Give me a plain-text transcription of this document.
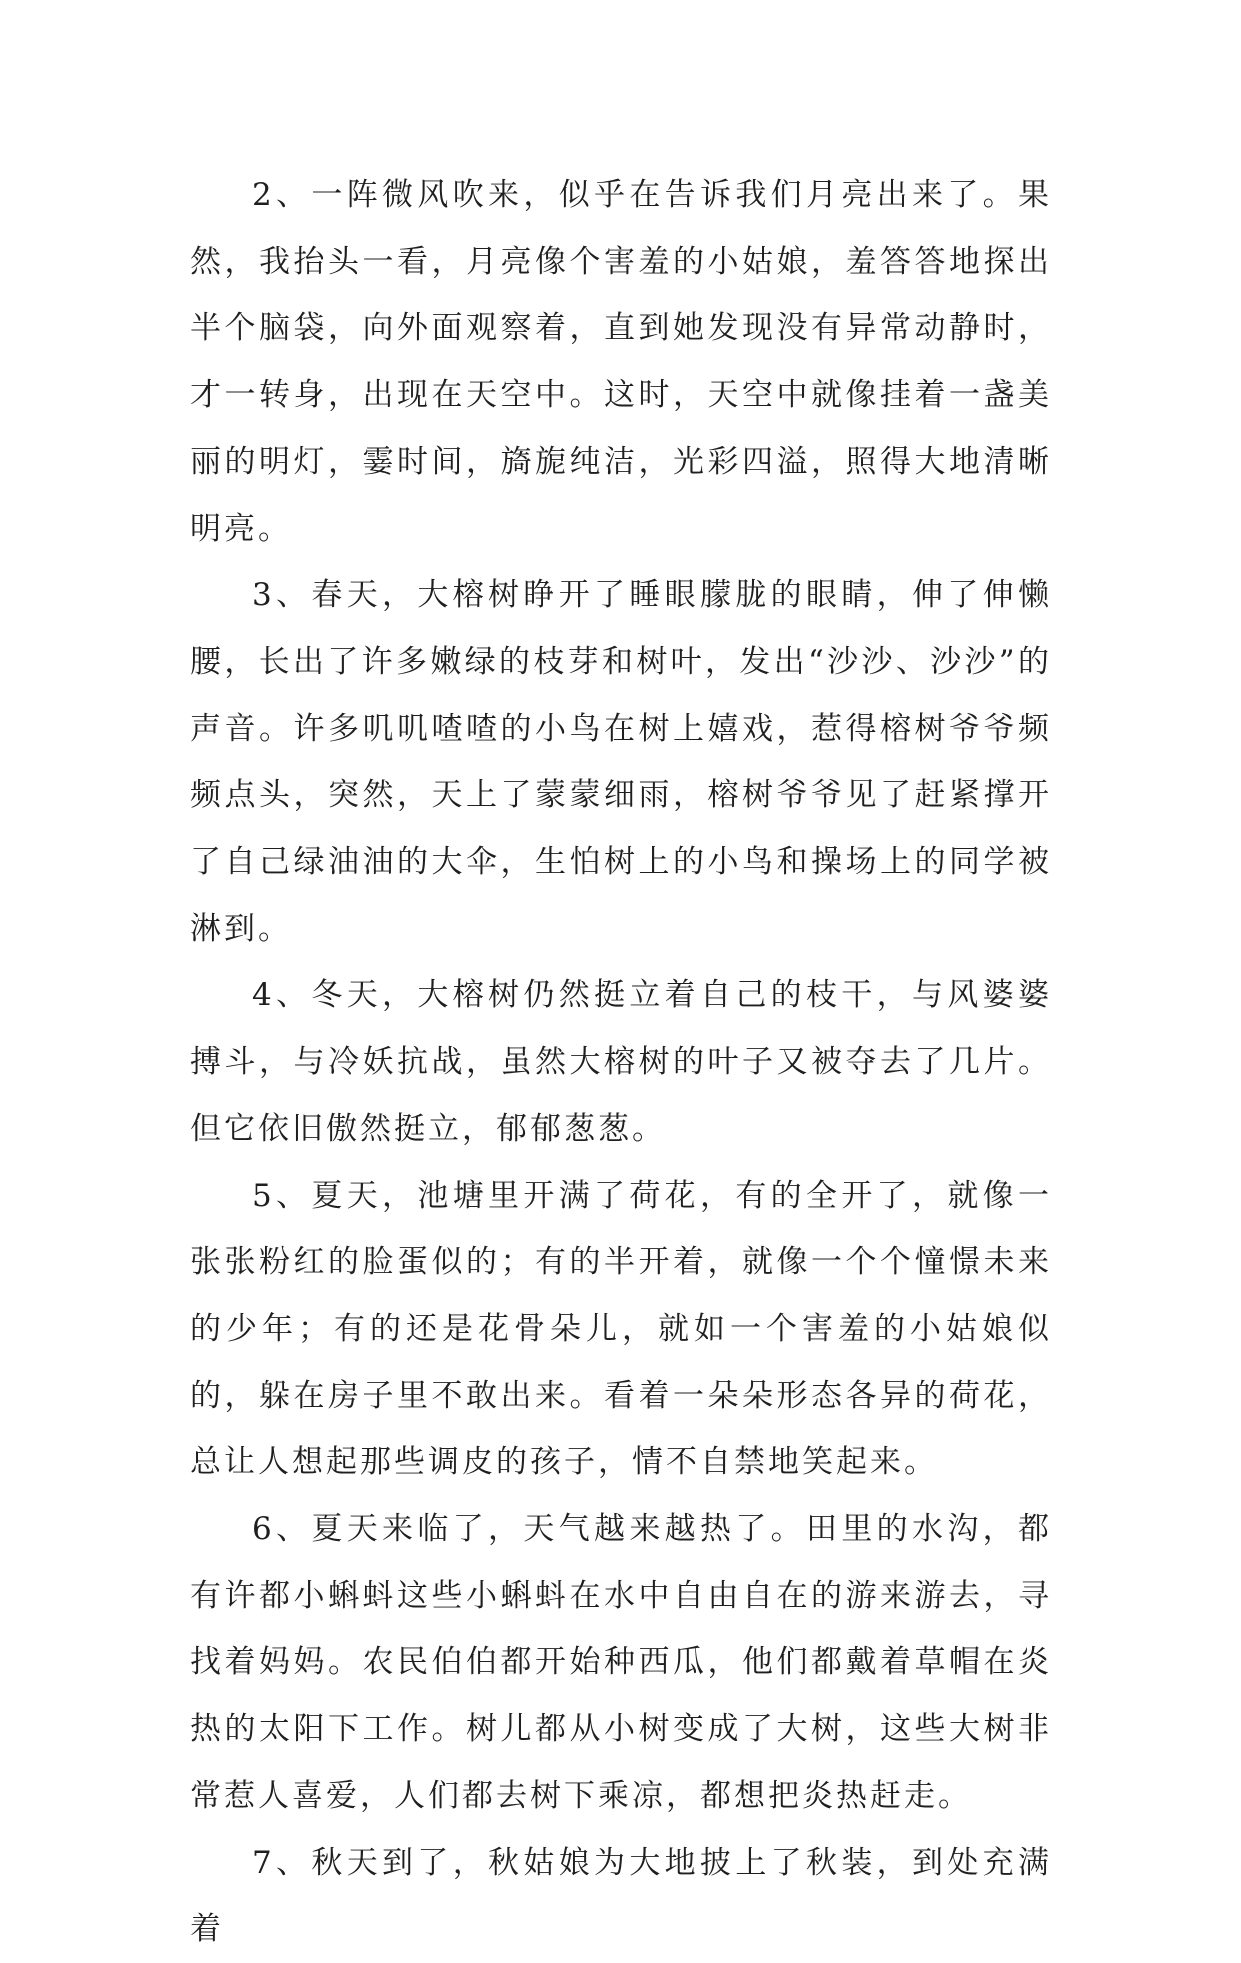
2、一阵微风吹来，似乎在告诉我们月亮出来了。果然，我抬头一看，月亮像个害羞的小姑娘，羞答答地探出半个脑袋，向外面观察着，直到她发现没有异常动静时，才一转身，出现在天空中。这时，天空中就像挂着一盏美丽的明灯，霎时间，旖旎纯洁，光彩四溢，照得大地清晰明亮。

3、春天，大榕树睁开了睡眼朦胧的眼睛，伸了伸懒腰，长出了许多嫩绿的枝芽和树叶，发出“沙沙、沙沙”的声音。许多叽叽喳喳的小鸟在树上嬉戏，惹得榕树爷爷频频点头，突然，天上了蒙蒙细雨，榕树爷爷见了赶紧撑开了自己绿油油的大伞，生怕树上的小鸟和操场上的同学被淋到。

4、冬天，大榕树仍然挺立着自己的枝干，与风婆婆搏斗，与冷妖抗战，虽然大榕树的叶子又被夺去了几片。但它依旧傲然挺立，郁郁葱葱。

5、夏天，池塘里开满了荷花，有的全开了，就像一张张粉红的脸蛋似的；有的半开着，就像一个个憧憬未来的少年；有的还是花骨朵儿，就如一个害羞的小姑娘似的，躲在房子里不敢出来。看着一朵朵形态各异的荷花，总让人想起那些调皮的孩子，情不自禁地笑起来。

6、夏天来临了，天气越来越热了。田里的水沟，都有许都小蝌蚪这些小蝌蚪在水中自由自在的游来游去，寻找着妈妈。农民伯伯都开始种西瓜，他们都戴着草帽在炎热的太阳下工作。树儿都从小树变成了大树，这些大树非常惹人喜爱，人们都去树下乘凉，都想把炎热赶走。

7、秋天到了，秋姑娘为大地披上了秋装，到处充满着
